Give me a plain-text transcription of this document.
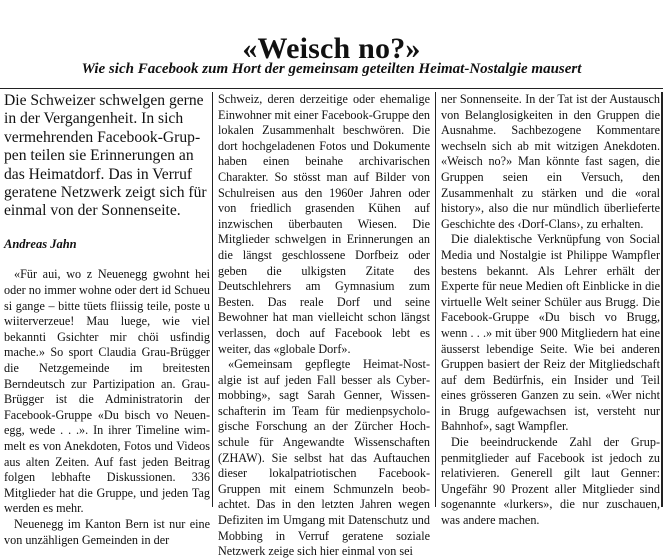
«Weisch no?»
Wie sich Facebook zum Hort der gemeinsam geteilten Heimat-Nostalgie mausert

Die Schweizer schwelgen gerne in der Vergangenheit. In sich vermehrenden Facebook-Gruppen teilen sie Erinnerungen an das Heimatdorf. Das in Verruf geratene Netzwerk zeigt sich für einmal von der Sonnenseite.

Andreas Jahn

«Für aui, wo z Neuenegg gwohnt hei oder no immer wohne oder dert id Schueu si gange – bitte tüets fliissig teile, poste u wiiterverzeue! Mau luege, wie viel bekannti Gsichter mir chöi usfindig mache.» So sport Claudia Grau-Brügger die Netzgemeinde im breitesten Berndeutsch zur Partizipation an. Grau-Brügger ist die Administratorin der Facebook-Gruppe «Du bisch vo Neuenegg, wede . . .». In ihrer Timeline wimmelt es von Anekdoten, Fotos und Videos aus alten Zeiten. Auf fast jeden Beitrag folgen lebhafte Diskussionen. 336 Mitglieder hat die Gruppe, und jeden Tag werden es mehr.

Neuenegg im Kanton Bern ist nur eine von unzähligen Gemeinden in der

Schweiz, deren derzeitige oder ehemalige Einwohner mit einer Facebook-Gruppe den lokalen Zusammenhalt beschwören. Die dort hochgeladenen Fotos und Dokumente haben einen beinahe archivarischen Charakter. So stösst man auf Bilder von Schulreisen aus den 1960er Jahren oder von friedlich grasenden Kühen auf inzwischen überbauten Wiesen. Die Mitglieder schwelgen in Erinnerungen an die längst geschlossene Dorfbeiz oder geben die ulkigsten Zitate des Deutschlehrers am Gymnasium zum Besten. Das reale Dorf und seine Bewohner hat man vielleicht schon längst verlassen, doch auf Facebook lebt es weiter, das «globale Dorf».

«Gemeinsam gepflegte Heimat-Nostalgie ist auf jeden Fall besser als Cybermobbing», sagt Sarah Genner, Wissenschafterin im Team für medienpsychologische Forschung an der Zürcher Hochschule für Angewandte Wissenschaften (ZHAW). Sie selbst hat das Auftauchen dieser lokalpatriotischen Facebook-Gruppen mit einem Schmunzeln beobachtet. Das in den letzten Jahren wegen Defiziten im Umgang mit Datenschutz und Mobbing in Verruf geratene soziale Netzwerk zeige sich hier einmal von sei

ner Sonnenseite. In der Tat ist der Austausch von Belanglosigkeiten in den Gruppen die Ausnahme. Sachbezogene Kommentare wechseln sich ab mit witzigen Anekdoten. «Weisch no?» Man könnte fast sagen, die Gruppen seien ein Versuch, den Zusammenhalt zu stärken und die «oral history», also die nur mündlich überlieferte Geschichte des ‹Dorf-Clans›, zu erhalten.

Die dialektische Verknüpfung von Social Media und Nostalgie ist Philippe Wampfler bestens bekannt. Als Lehrer erhält der Experte für neue Medien oft Einblicke in die virtuelle Welt seiner Schüler aus Brugg. Die Facebook-Gruppe «Du bisch vo Brugg, wenn . . .» mit über 900 Mitgliedern hat eine äusserst lebendige Seite. Wie bei anderen Gruppen basiert der Reiz der Mitgliedschaft auf dem Bedürfnis, ein Insider und Teil eines grösseren Ganzen zu sein. «Wer nicht in Brugg aufgewachsen ist, versteht nur Bahnhof», sagt Wampfler.

Die beeindruckende Zahl der Gruppenmitglieder auf Facebook ist jedoch zu relativieren. Generell gilt laut Genner: Ungefähr 90 Prozent aller Mitglieder sind sogenannte «lurkers», die nur zuschauen, was andere machen.
